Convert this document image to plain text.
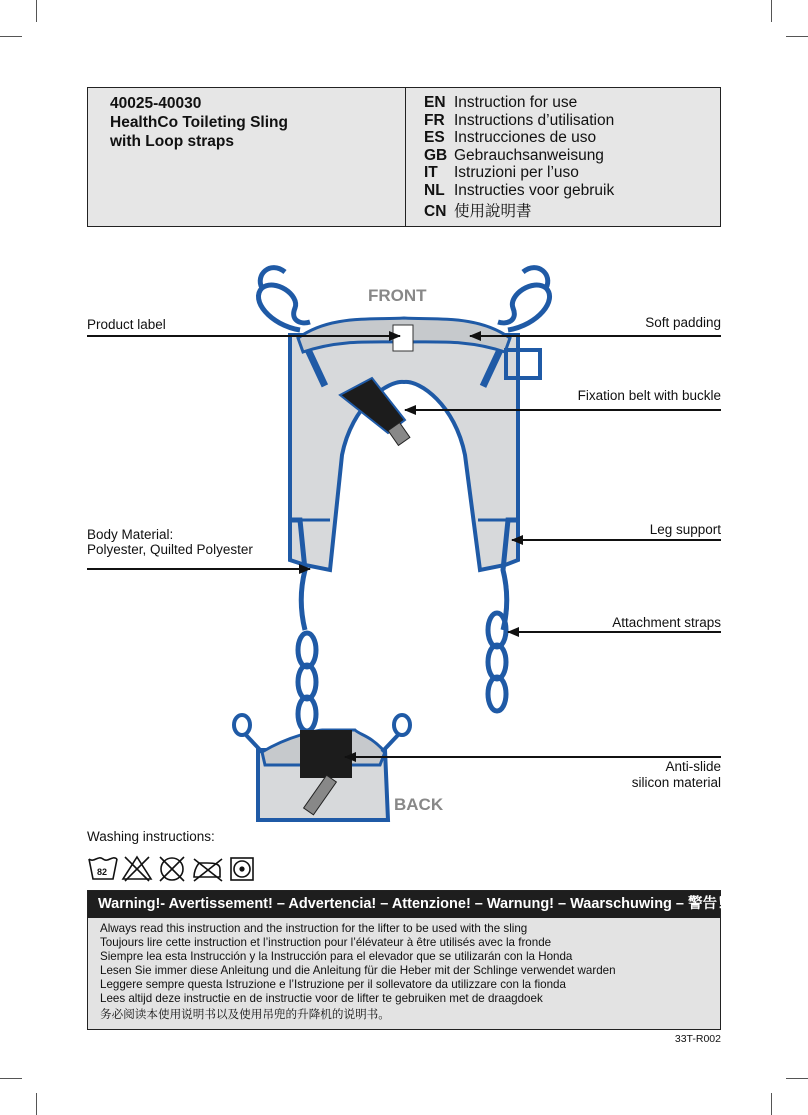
40025-40030
HealthCo Toileting Sling
with Loop straps
EN Instruction for use
FR Instructions d’utilisation
ES Instrucciones de uso
GB Gebrauchsanweisung
IT Istruzioni per l’uso
NL Instructies voor gebruik
CN 使用說明書
FRONT
BACK
Product label	Soft padding
Fixation belt with buckle
Body Material:
Polyester, Quilted Polyester
Leg support
Attachment straps
Anti-slide
silicon material
Washing instructions:
82
Warning!- Avertissement! – Advertencia! – Attenzione! – Warnung! – Waarschuwing – 警告！ 請
Always read this instruction and the instruction for the lifter to be used with the sling
Toujours lire cette instruction et l’instruction pour l’élévateur à être utilisés avec la fronde
Siempre lea esta Instrucción y la Instrucción para el elevador que se utilizarán con la Honda
Lesen Sie immer diese Anleitung und die Anleitung für die Heber mit der Schlinge verwendet warden
Leggere sempre questa Istruzione e l’Istruzione per il sollevatore da utilizzare con la fionda
Lees altijd deze instructie en de instructie voor de lifter te gebruiken met de draagdoek
务必阅读本使用说明书以及使用吊兜的升降机的说明书。
33T-R002
